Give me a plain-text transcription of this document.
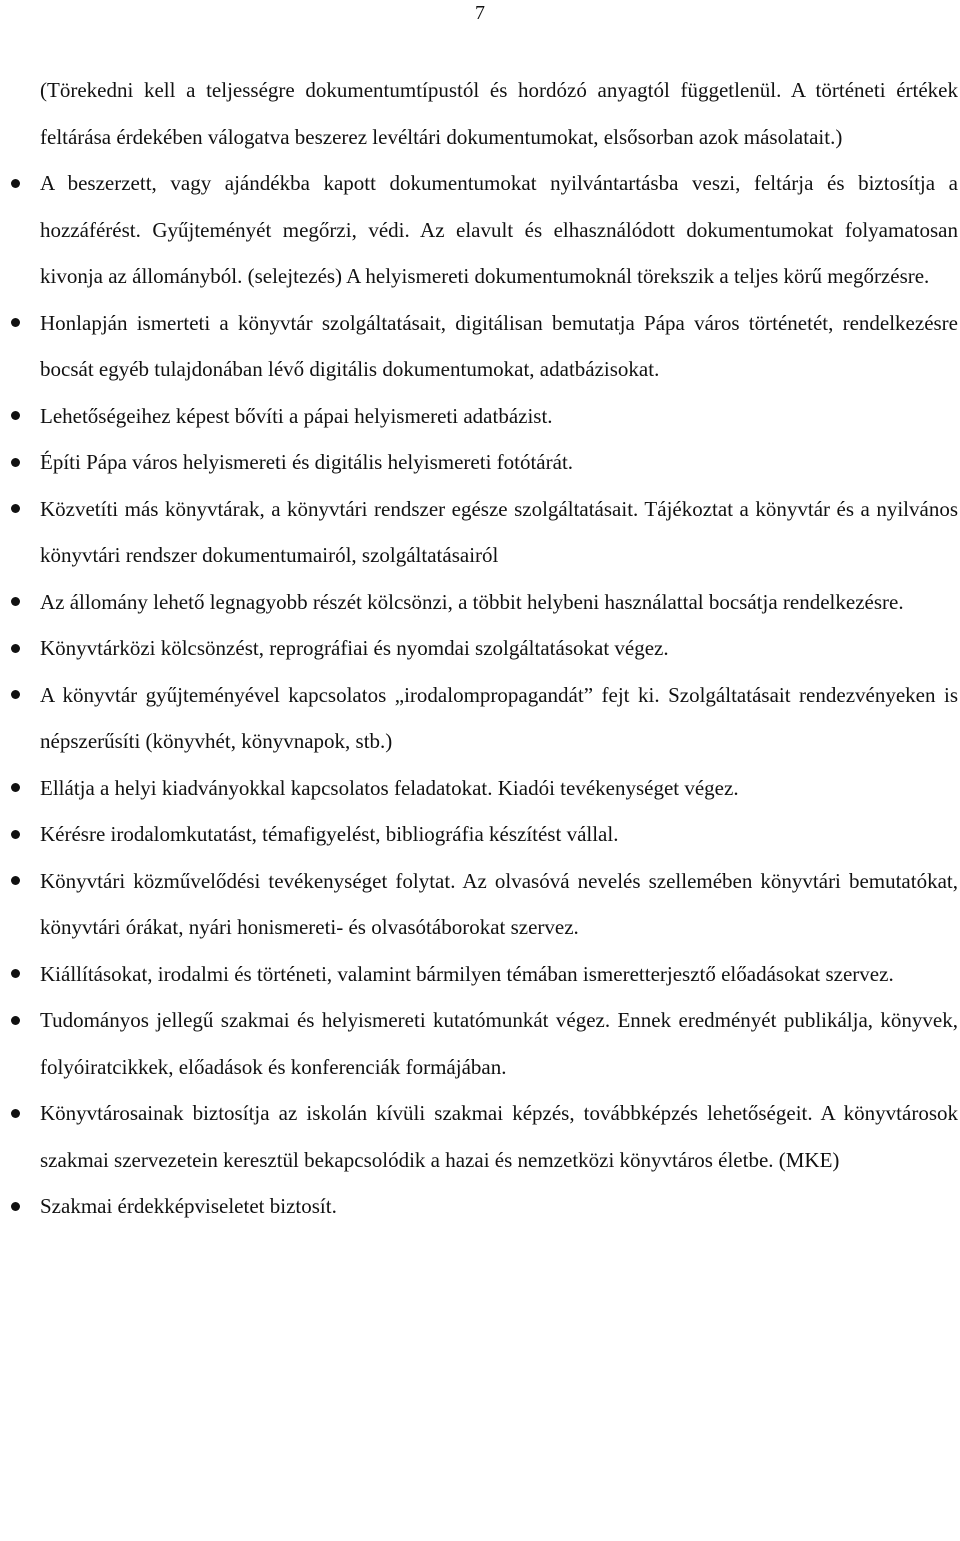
7

(Törekedni kell a teljességre dokumentumtípustól és hordózó anyagtól függetlenül. A történeti értékek feltárása érdekében válogatva beszerez levéltári dokumentumokat, elsősorban azok másolatait.)

A beszerzett, vagy ajándékba kapott dokumentumokat nyilvántartásba veszi, feltárja és biztosítja a hozzáférést. Gyűjteményét megőrzi, védi. Az elavult és elhasználódott dokumentumokat folyamatosan kivonja az állományból. (selejtezés) A helyismereti dokumentumoknál törekszik a teljes körű megőrzésre.
Honlapján ismerteti a könyvtár szolgáltatásait, digitálisan bemutatja Pápa város történetét, rendelkezésre bocsát egyéb tulajdonában lévő digitális dokumentumokat, adatbázisokat.
Lehetőségeihez képest bővíti a pápai helyismereti adatbázist.
Építi Pápa város helyismereti és digitális helyismereti fotótárát.
Közvetíti más könyvtárak, a könyvtári rendszer egésze szolgáltatásait. Tájékoztat a könyvtár és a nyilvános könyvtári rendszer dokumentumairól, szolgáltatásairól
Az állomány lehető legnagyobb részét kölcsönzi, a többit helybeni használattal bocsátja rendelkezésre.
Könyvtárközi kölcsönzést, reprográfiai és nyomdai szolgáltatásokat végez.
A könyvtár gyűjteményével kapcsolatos „irodalompropagandát” fejt ki. Szolgáltatásait rendezvényeken is népszerűsíti (könyvhét, könyvnapok, stb.)
Ellátja a helyi kiadványokkal kapcsolatos feladatokat. Kiadói tevékenységet végez.
Kérésre irodalomkutatást, témafigyelést, bibliográfia készítést vállal.
Könyvtári közművelődési tevékenységet folytat. Az olvasóvá nevelés szellemében könyvtári bemutatókat, könyvtári órákat, nyári honismereti- és olvasótáborokat szervez.
Kiállításokat, irodalmi és történeti, valamint bármilyen témában ismeretterjesztő előadásokat szervez.
Tudományos jellegű szakmai és helyismereti kutatómunkát végez. Ennek eredményét publikálja, könyvek, folyóiratcikkek, előadások és konferenciák formájában.
Könyvtárosainak biztosítja az iskolán kívüli szakmai képzés, továbbképzés lehetőségeit. A könyvtárosok szakmai szervezetein keresztül bekapcsolódik a hazai és nemzetközi könyvtáros életbe. (MKE)
Szakmai érdekképviseletet biztosít.
